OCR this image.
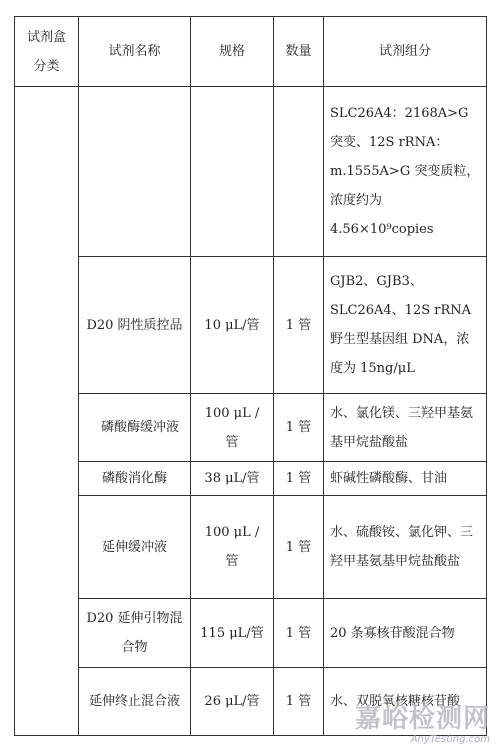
试剂盒分类	试剂名称	规格	数量	试剂组分
				SLC26A4：2168A>G 突变、12S rRNA：m.1555A>G 突变质粒，浓度约为 4.56×10⁹copies
	D20 阴性质控品	10 μL/管	1 管	GJB2、GJB3、SLC26A4、12S rRNA 野生型基因组 DNA，浓度为 15ng/μL
	磷酸酶缓冲液	100 μL / 管	1 管	水、氯化镁、三羟甲基氨基甲烷盐酸盐
	磷酸消化酶	38 μL/管	1 管	虾碱性磷酸酶、甘油
	延伸缓冲液	100 μL / 管	1 管	水、硫酸铵、氯化钾、三羟甲基氨基甲烷盐酸盐
	D20 延伸引物混合物	115 μL/管	1 管	20 条寡核苷酸混合物
	延伸终止混合液	26 μL/管	1 管	水、双脱氧核糖核苷酸
嘉峪检测网
AnyTesting.com
